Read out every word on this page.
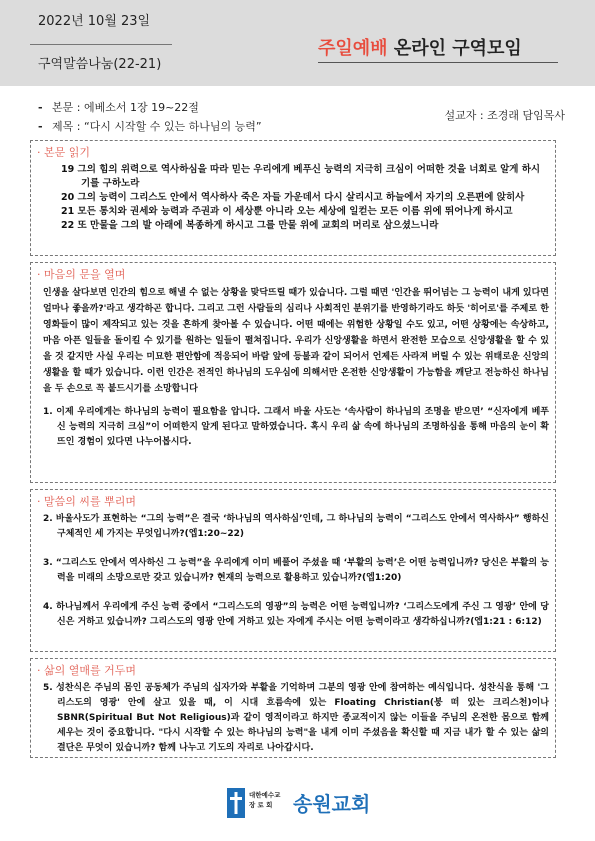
2022년 10월 23일
구역말씀나눔(22-21)
주일예배 온라인 구역모임
- 본문 : 에베소서 1장 19~22절
- 제목 : “다시 시작할 수 있는 하나님의 능력”
설교자 : 조경래 담임목사
· 본문 읽기

19 그의 힘의 위력으로 역사하심을 따라 믿는 우리에게 베푸신 능력의 지극히 크심이 어떠한 것을 너희로 알게 하시기를 구하노라

20 그의 능력이 그리스도 안에서 역사하사 죽은 자들 가운데서 다시 살리시고 하늘에서 자기의 오른편에 앉히사

21 모든 통치와 권세와 능력과 주권과 이 세상뿐 아니라 오는 세상에 일컫는 모든 이름 위에 뛰어나게 하시고

22 또 만물을 그의 발 아래에 복종하게 하시고 그를 만물 위에 교회의 머리로 삼으셨느니라

· 마음의 문을 열며

인생을 살다보면 인간의 힘으로 해낼 수 없는 상황을 맞닥뜨릴 때가 있습니다. 그럴 때면 '인간을 뛰어넘는 그 능력이 내게 있다면 얼마나 좋을까?'라고 생각하곤 합니다. 그리고 그런 사람들의 심리나 사회적인 분위기를 반영하기라도 하듯 '히어로'를 주제로 한 영화들이 많이 제작되고 있는 것을 흔하게 찾아볼 수 있습니다. 어떤 때에는 위험한 상황일 수도 있고, 어떤 상황에는 속상하고, 마음 아픈 일들을 돌이킬 수 있기를 원하는 일들이 펼쳐집니다. 우리가 신앙생활을 하면서 완전한 모습으로 신앙생활을 할 수 있을 것 같지만 사실 우리는 미묘한 편안함에 적응되어 바람 앞에 등불과 같이 되어서 언제든 사라져 버릴 수 있는 위태로운 신앙의 생활을 할 때가 있습니다. 이런 인간은 전적인 하나님의 도우심에 의해서만 온전한 신앙생활이 가능함을 깨닫고 전능하신 하나님을 두 손으로 꼭 붙드시기를 소망합니다

1. 이제 우리에게는 하나님의 능력이 필요함을 압니다. 그래서 바울 사도는 ‘속사람이 하나님의 조명을 받으면’ “신자에게 베푸신 능력의 지극히 크심”이 어떠한지 알게 된다고 말하였습니다. 혹시 우리 삶 속에 하나님의 조명하심을 통해 마음의 눈이 확 뜨인 경험이 있다면 나누어봅시다.

· 말씀의 씨를 뿌리며

2. 바울사도가 표현하는 “그의 능력”은 결국 ‘하나님의 역사하심’인데, 그 하나님의 능력이 “그리스도 안에서 역사하사” 행하신 구체적인 세 가지는 무엇입니까?(엡1:20~22)

3. “그리스도 안에서 역사하신 그 능력”을 우리에게 이미 베풀어 주셨을 때 ‘부활의 능력’은 어떤 능력입니까? 당신은 부활의 능력을 미래의 소망으로만 갖고 있습니까? 현재의 능력으로 활용하고 있습니까?(엡1:20)

4. 하나님께서 우리에게 주신 능력 중에서 “그리스도의 영광”의 능력은 어떤 능력입니까? ‘그리스도에게 주신 그 영광’ 안에 당신은 거하고 있습니까? 그리스도의 영광 안에 거하고 있는 자에게 주시는 어떤 능력이라고 생각하십니까?(엡1:21 : 6:12)

· 삶의 열매를 거두며

5. 성찬식은 주님의 몸인 공동체가 주님의 십자가와 부활을 기억하며 그분의 영광 안에 참여하는 예식입니다. 성찬식을 통해 '그리스도의 영광' 안에 살고 있을 때, 이 시대 흐름속에 있는 Floating Christian(붕 떠 있는 크리스천)이나 SBNR(Spiritual But Not Religious)과 같이 영적이라고 하지만 종교적이지 않는 이들을 주님의 온전한 몸으로 함께 세우는 것이 중요합니다. "다시 시작할 수 있는 하나님의 능력"을 내게 이미 주셨음을 확신할 때 지금 내가 할 수 있는 삶의 결단은 무엇이 있습니까? 함께 나누고 기도의 자리로 나아갑시다.

대한예수교
장 로 회	송원교회
